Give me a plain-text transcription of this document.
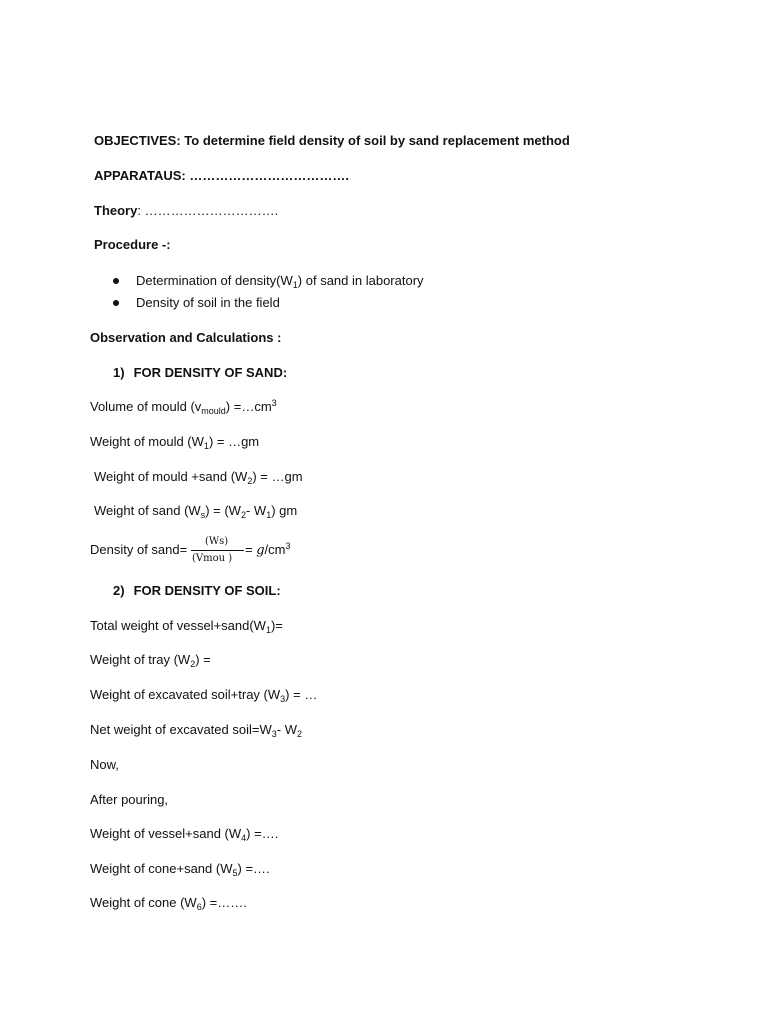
OBJECTIVES: To determine field density of soil by sand replacement method
APPARATAUS: ……………………………….
Theory: ………………………….
Procedure -:
Determination of $density(W_1)$ of sand in laboratory
Density of soil in the field
Observation and Calculations :
1) FOR DENSITY OF SAND:
Volume of mould $(v_{mould})$ $=\dots cm^3$
Weight of mould $(W_1)$ = …gm
Weight of mould +sand $(W_2)$ = …gm
Weight of sand $(W_s) = (W_2-$ $W_1$) gm
Density of sand=
(Ws)
(Vmou )
= $g/cm^3$
2) FOR DENSITY OF SOIL:
Total weight of $vessel+sand(W_1)=$
Weight of tray $(W_2)$ =
Weight of excavated soil+tray $(W_3)$ = …
Net weight of excavated $soil=W_3-$ $W_2$
Now,
After pouring,
Weight of vessel+sand $(W_4)$ =….
Weight of cone+sand $(W_5)$ =….
Weight of cone $(W_6)$ =…….
